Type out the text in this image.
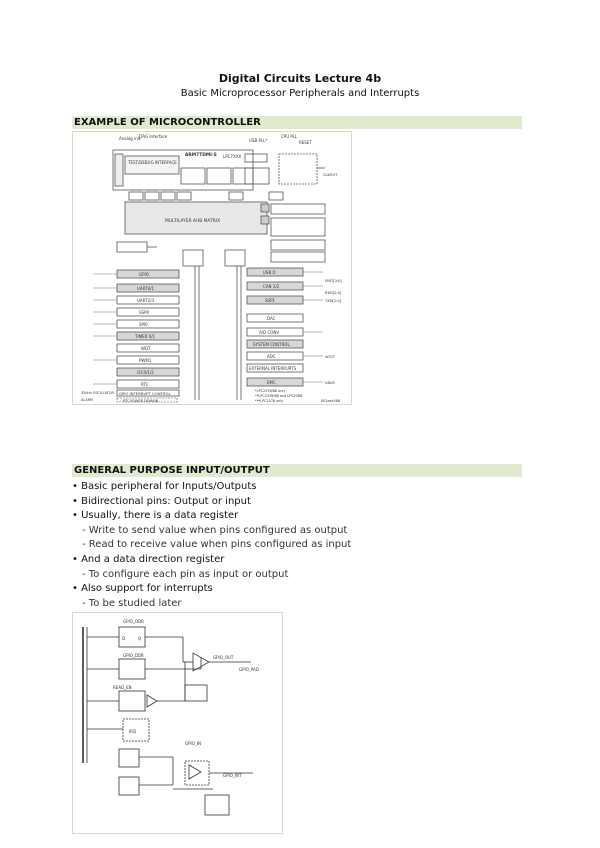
Digital Circuits Lecture 4b
Basic Microprocessor Peripherals and Interrupts
EXAMPLE OF MICROCONTROLLER
Analog in/t
JTAG Interface
LPC7XXX
USB PLL*
CPU PLL
RESET
TEST/DEBUG INTERFACE
ARM7TDMI-S
MULTILAYER AHB MATRIX
GPIO
UART0/1
UART2/3
SSP0
SPI0
TIMER 0/1
WDT
PWM1
I2C0/1/2
RTC
USB D
CAN 1/2
SSP1
DAC
A/D CONV
SYSTEM CONTROL
ADC
EXTERNAL INTERRUPTS
EMC
CLKOUT
EINT[3:0]
RXD[2:0]
TXD[2:0]
AOUT
VBUS
GPIO INTERRUPT CONTROL
32kHz OSCILLATOR
ALARM	RTC POWER DOMAIN
*LPC2378/88 only
**LPC2378/88 and LPC2368
***LPC2378 only	002aac566
GENERAL PURPOSE INPUT/OUTPUT
• Basic peripheral for Inputs/Outputs
• Bidirectional pins: Output or input
• Usually, there is a data register
- Write to send value when pins configured as output
- Read to receive value when pins configured as input
• And a data direction register
- To configure each pin as input or output
• Also support for interrupts
- To be studied later
GPIO_ODR
GPIO_DDR
GPIO_IN
GPIO_OUT
GPIO_PAD
READ_EN
D	Q
IRQ
GPIO_INT
